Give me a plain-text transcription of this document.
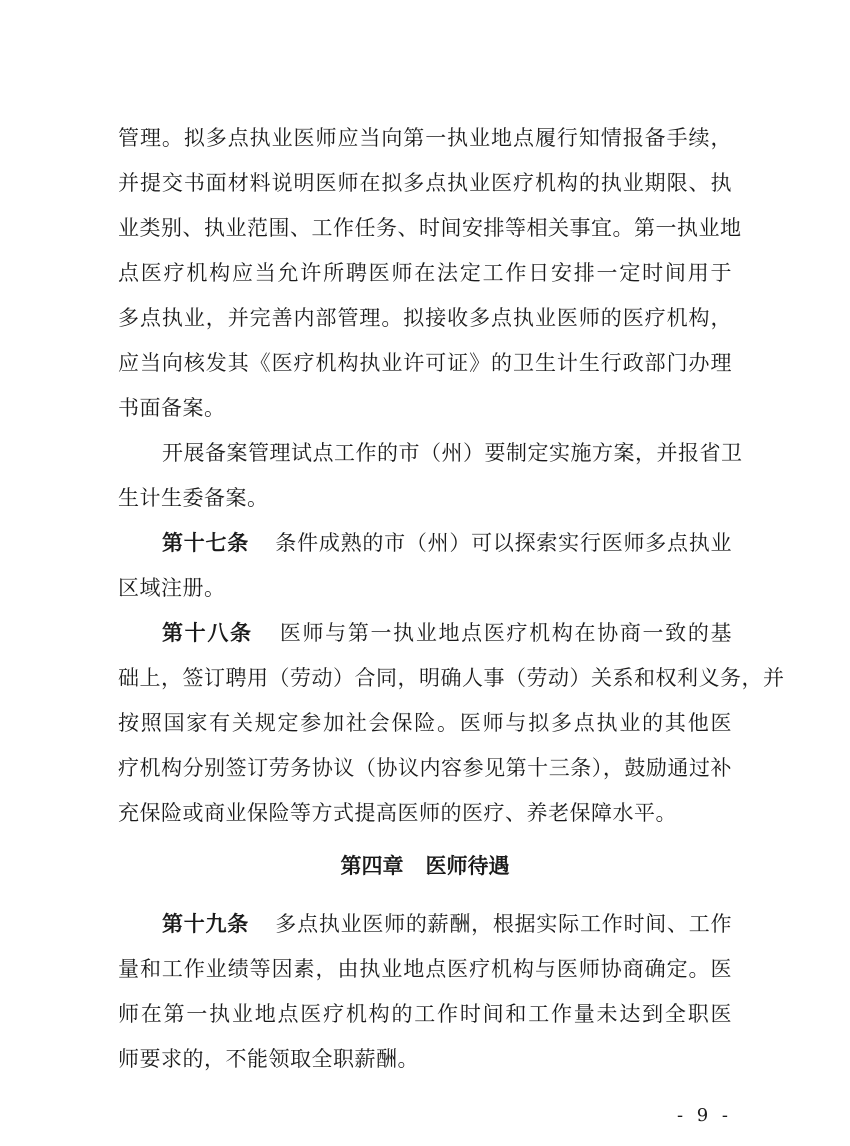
管理。拟多点执业医师应当向第一执业地点履行知情报备手续，
并提交书面材料说明医师在拟多点执业医疗机构的执业期限、执
业类别、执业范围、工作任务、时间安排等相关事宜。第一执业地
点医疗机构应当允许所聘医师在法定工作日安排一定时间用于
多点执业，并完善内部管理。拟接收多点执业医师的医疗机构，
应当向核发其《医疗机构执业许可证》的卫生计生行政部门办理
书面备案。
开展备案管理试点工作的市（州）要制定实施方案，并报省卫
生计生委备案。
第十七条 条件成熟的市（州）可以探索实行医师多点执业
区域注册。
第十八条 医师与第一执业地点医疗机构在协商一致的基
础上，签订聘用（劳动）合同，明确人事（劳动）关系和权利义务，并
按照国家有关规定参加社会保险。医师与拟多点执业的其他医
疗机构分别签订劳务协议（协议内容参见第十三条），鼓励通过补
充保险或商业保险等方式提高医师的医疗、养老保障水平。
第四章 医师待遇
第十九条 多点执业医师的薪酬，根据实际工作时间、工作
- 9 -
量和工作业绩等因素，由执业地点医疗机构与医师协商确定。医
师在第一执业地点医疗机构的工作时间和工作量未达到全职医
师要求的，不能领取全职薪酬。
